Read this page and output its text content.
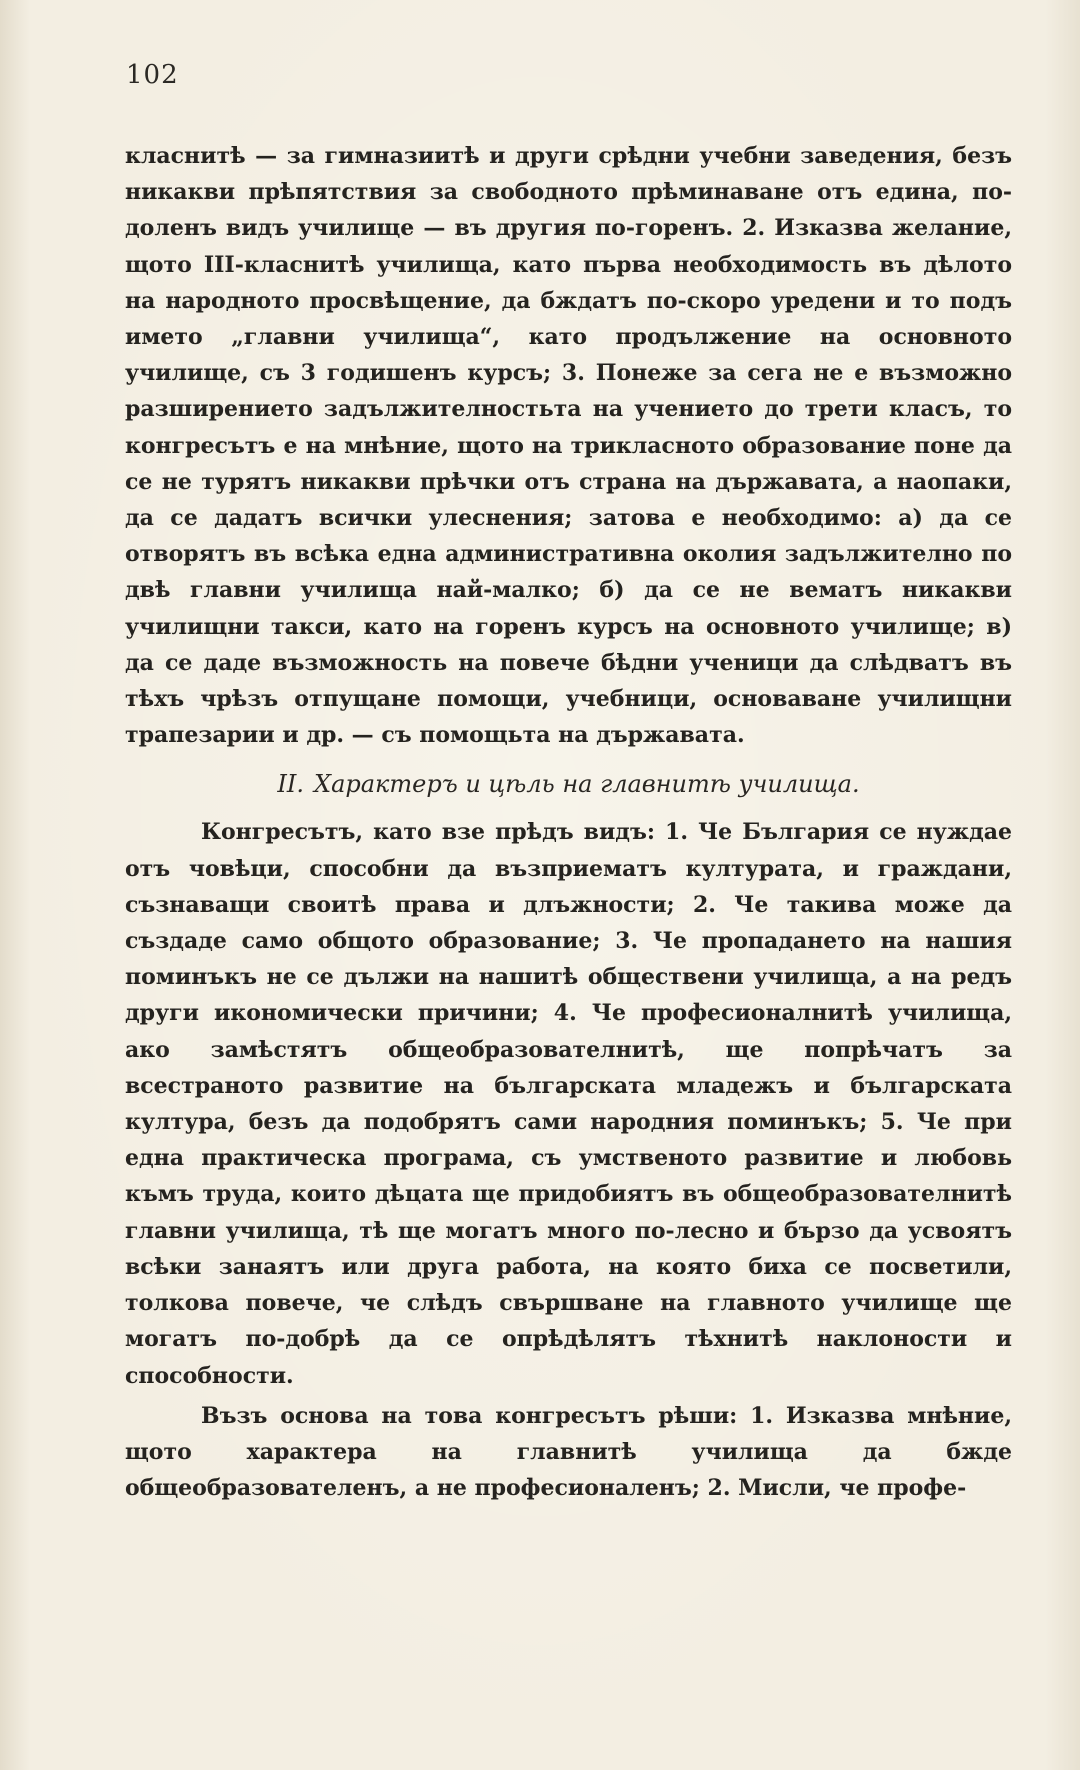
102

класнитѣ — за гимназиитѣ и други срѣдни учебни заведения, безъ никакви прѣпятствия за свободното прѣминаване отъ едина, по-доленъ видъ училище — въ другия по-горенъ. 2. Изказва желание, щото III-класнитѣ училища, като първа необходимость въ дѣлото на народното просвѣщение, да бждатъ по-скоро уредени и то подъ името „главни училища“, като продължение на основното училище, съ 3 годишенъ курсъ; 3. Понеже за сега не е възможно разширението задължителностьта на учението до трети класъ, то конгресътъ е на мнѣние, щото на трикласното образование поне да се не турятъ никакви прѣчки отъ страна на държавата, а наопаки, да се дадатъ всички улеснения; затова е необходимо: а) да се отворятъ въ всѣка една административна околия задължително по двѣ главни училища най-малко; б) да се не вематъ никакви училищни такси, като на горенъ курсъ на основното училище; в) да се даде възможность на повече бѣдни ученици да слѣдватъ въ тѣхъ чрѣзъ отпущане помощи, учебници, основаване училищни трапезарии и др. — съ помощьта на държавата.

II. Характеръ и цѣль на главнитѣ училища.

Конгресътъ, като взе прѣдъ видъ: 1. Че България се нуждае отъ човѣци, способни да възприематъ културата, и граждани, съзнаващи своитѣ права и длъжности; 2. Че такива може да създаде само общото образование; 3. Че пропадането на нашия поминъкъ не се дължи на нашитѣ обществени училища, а на редъ други икономически причини; 4. Че професионалнитѣ училища, ако замѣстятъ общеобразователнитѣ, ще попрѣчатъ за всестраното развитие на българската младежъ и българската култура, безъ да подобрятъ сами народния поминъкъ; 5. Че при една практическа програма, съ умственото развитие и любовь къмъ труда, които дѣцата ще придобиятъ въ общеобразователнитѣ главни училища, тѣ ще могатъ много по-лесно и бързо да усвоятъ всѣки занаятъ или друга работа, на която биха се посветили, толкова повече, че слѣдъ свършване на главното училище ще могатъ по-добрѣ да се опрѣдѣлятъ тѣхнитѣ наклоности и способности.

Възъ основа на това конгресътъ рѣши: 1. Изказва мнѣние, щото характера на главнитѣ училища да бжде общеобразователенъ, а не професионаленъ; 2. Мисли, че профе-
